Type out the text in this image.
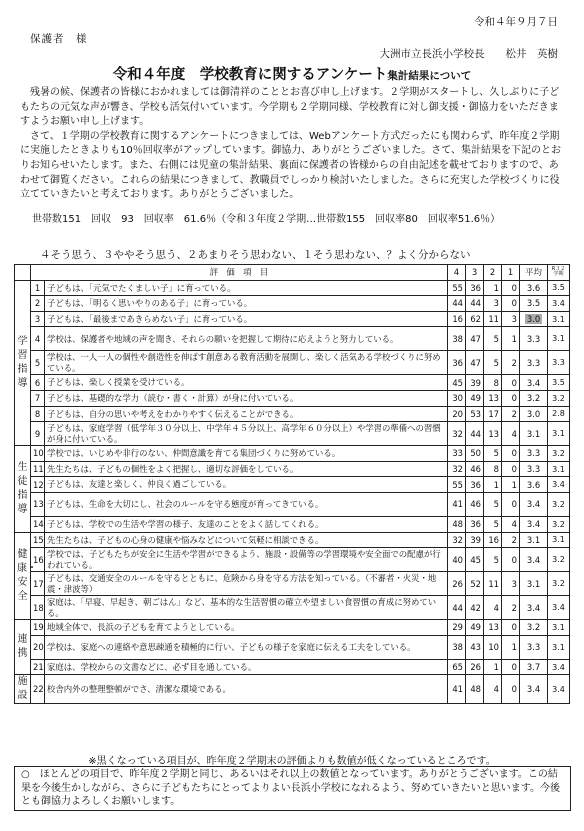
令和４年９月７日
保護者　様
大洲市立長浜小学校長　　松井　英樹
令和４年度　学校教育に関するアンケート集計結果について

　残暑の候、保護者の皆様におかれましては御清祥のこととお喜び申し上げます。２学期がスタートし、久しぶりに子どもたちの元気な声が響き、学校も活気付いています。今学期も２学期同様、学校教育に対し御支援・御協力をいただきますようお願い申し上げます。

　さて、１学期の学校教育に関するアンケートにつきましては、Webアンケート方式だったにも関わらず、昨年度２学期に実施したときよりも10％回収率がアップしています。御協力、ありがとうございました。さて、集計結果を下記のとおりお知らせいたします。また、右側には児童の集計結果、裏面に保護者の皆様からの自由記述を載せておりますので、あわせて御覧ください。これらの結果につきまして、教職員でしっかり検討いたしました。さらに充実した学校づくりに役立てていきたいと考えております。ありがとうございました。

世帯数151　回収　93　回収率　61.6％（令和３年度２学期…世帯数155　回収率80　回収率51.6％）
４そう思う、３ややそう思う、２あまりそう思わない、１そう思わない、？よく分からない
	評　価　項　目		4	3	2	1	平均	R３２学期
学習指導	1	子どもは、「元気でたくましい子」に育っている。	55	36	1	0	3.6	3.5
	2	子どもは、「明るく思いやりのある子」に育っている。	44	44	3	0	3.5	3.4
	3	子どもは、「最後まであきらめない子」に育っている。	16	62	11	3	3.0	3.1
	4	学校は、保護者や地域の声を聞き、それらの願いを把握して期待に応えようと努力している。	38	47	5	1	3.3	3.1
	5	学校は、一人一人の個性や創造性を伸ばす創意ある教育活動を展開し、楽しく活気ある学校づくりに努めている。	36	47	5	2	3.3	3.3
	6	子どもは、楽しく授業を受けている。	45	39	8	0	3.4	3.5
	7	子どもは、基礎的な学力（読む・書く・計算）が身に付いている。	30	49	13	0	3.2	3.2
	8	子どもは、自分の思いや考えをわかりやすく伝えることができる。	20	53	17	2	3.0	2.8
	9	子どもは、家庭学習（低学年３０分以上、中学年４５分以上、高学年６０分以上）や学習の準備への習慣が身に付いている。	32	44	13	4	3.1	3.1
生徒指導	10	学校では、いじめや非行のない、仲間意識を育てる集団づくりに努めている。	33	50	5	0	3.3	3.2
	11	先生たちは、子どもの個性をよく把握し、適切な評価をしている。	32	46	8	0	3.3	3.1
	12	子どもは、友達と楽しく、仲良く過ごしている。	55	36	1	1	3.6	3.4
	13	子どもは、生命を大切にし、社会のルールを守る態度が育ってきている。	41	46	5	0	3.4	3.2
	14	子どもは、学校での生活や学習の様子、友達のことをよく話してくれる。	48	36	5	4	3.4	3.2
健康・安全	15	先生たちは、子どもの心身の健康や悩みなどについて気軽に相談できる。	32	39	16	2	3.1	3.1
	16	学校では、子どもたちが安全に生活や学習ができるよう、施設・設備等の学習環境や安全面での配慮が行われている。	40	45	5	0	3.4	3.2
	17	子どもは、交通安全のルールを守るとともに、危険から身を守る方法を知っている。（不審者・火災・地震・津波等）	26	52	11	3	3.1	3.2
	18	家庭は、「早寝、早起き、朝ごはん」など、基本的な生活習慣の確立や望ましい食習慣の育成に努めている。	44	42	4	2	3.4	3.4
連携	19	地域全体で、長浜の子どもを育てようとしている。	29	49	13	0	3.2	3.1
	20	学校は、家庭への連絡や意思疎通を積極的に行い、子どもの様子を家庭に伝える工夫をしている。	38	43	10	1	3.3	3.1
	21	家庭は、学校からの文書などに、必ず目を通している。	65	26	1	0	3.7	3.4
施設	22	校舎内外の整理整頓がでさ、清潔な環境である。	41	48	4	0	3.4	3.4
※黒くなっている項目が、昨年度２学期末の評価よりも数値が低くなっているところです。
○　ほとんどの項目で、昨年度２学期と同じ、あるいはそれ以上の数値となっています。ありがとうございます。この結果を今後生かしながら、さらに子どもたちにとってよりよい長浜小学校になれるよう、努めていきたいと思います。今後とも御協力よろしくお願いします。
